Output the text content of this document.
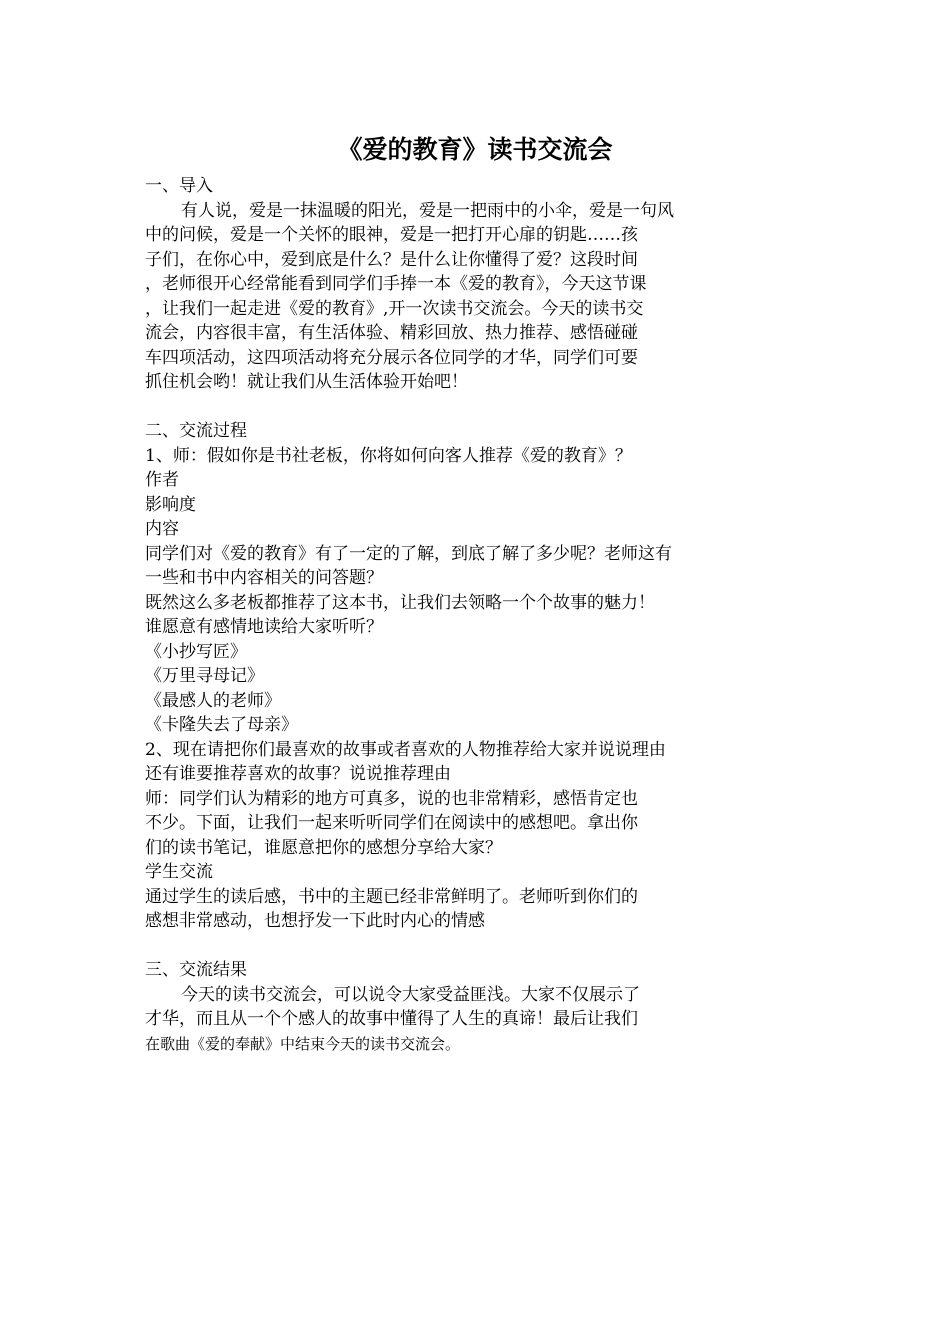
《爱的教育》读书交流会
一、导入
有人说，爱是一抹温暖的阳光，爱是一把雨中的小伞，爱是一句风
中的问候，爱是一个关怀的眼神，爱是一把打开心扉的钥匙……孩
子们，在你心中，爱到底是什么？是什么让你懂得了爱？这段时间
，老师很开心经常能看到同学们手捧一本《爱的教育》，今天这节课
，让我们一起走进《爱的教育》,开一次读书交流会。今天的读书交
流会，内容很丰富，有生活体验、精彩回放、热力推荐、感悟碰碰
车四项活动，这四项活动将充分展示各位同学的才华，同学们可要
抓住机会哟！就让我们从生活体验开始吧！
二、交流过程
1、师：假如你是书社老板，你将如何向客人推荐《爱的教育》？
作者
影响度
内容
同学们对《爱的教育》有了一定的了解，到底了解了多少呢？老师这有
一些和书中内容相关的问答题？
既然这么多老板都推荐了这本书，让我们去领略一个个故事的魅力！
谁愿意有感情地读给大家听听？
《小抄写匠》
《万里寻母记》
《最感人的老师》
《卡隆失去了母亲》
2、现在请把你们最喜欢的故事或者喜欢的人物推荐给大家并说说理由
还有谁要推荐喜欢的故事？说说推荐理由
师：同学们认为精彩的地方可真多，说的也非常精彩，感悟肯定也
不少。下面，让我们一起来听听同学们在阅读中的感想吧。拿出你
们的读书笔记，谁愿意把你的感想分享给大家？
学生交流
通过学生的读后感，书中的主题已经非常鲜明了。老师听到你们的
感想非常感动，也想抒发一下此时内心的情感
三、交流结果
今天的读书交流会，可以说令大家受益匪浅。大家不仅展示了
才华，而且从一个个感人的故事中懂得了人生的真谛！最后让我们
在歌曲《爱的奉献》中结束今天的读书交流会。
